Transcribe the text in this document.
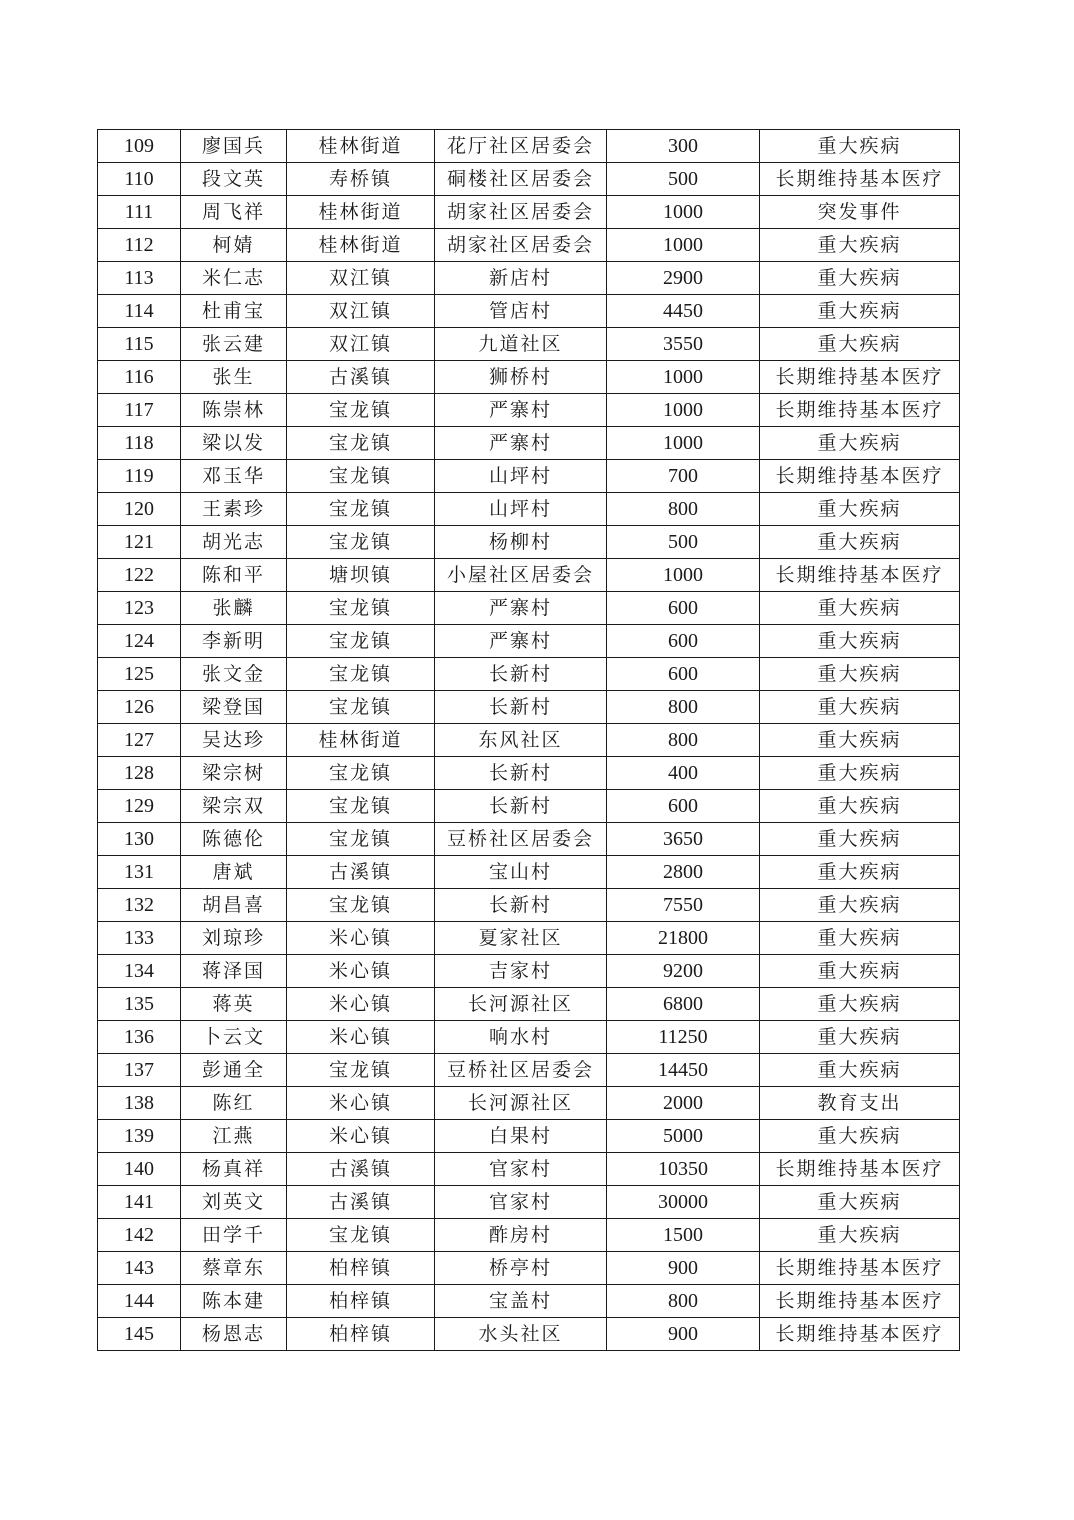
109	廖国兵	桂林街道	花厅社区居委会	300	重大疾病
110	段文英	寿桥镇	硐楼社区居委会	500	长期维持基本医疗
111	周飞祥	桂林街道	胡家社区居委会	1000	突发事件
112	柯婧	桂林街道	胡家社区居委会	1000	重大疾病
113	米仁志	双江镇	新店村	2900	重大疾病
114	杜甫宝	双江镇	管店村	4450	重大疾病
115	张云建	双江镇	九道社区	3550	重大疾病
116	张生	古溪镇	狮桥村	1000	长期维持基本医疗
117	陈崇林	宝龙镇	严寨村	1000	长期维持基本医疗
118	梁以发	宝龙镇	严寨村	1000	重大疾病
119	邓玉华	宝龙镇	山坪村	700	长期维持基本医疗
120	王素珍	宝龙镇	山坪村	800	重大疾病
121	胡光志	宝龙镇	杨柳村	500	重大疾病
122	陈和平	塘坝镇	小屋社区居委会	1000	长期维持基本医疗
123	张麟	宝龙镇	严寨村	600	重大疾病
124	李新明	宝龙镇	严寨村	600	重大疾病
125	张文金	宝龙镇	长新村	600	重大疾病
126	梁登国	宝龙镇	长新村	800	重大疾病
127	吴达珍	桂林街道	东风社区	800	重大疾病
128	梁宗树	宝龙镇	长新村	400	重大疾病
129	梁宗双	宝龙镇	长新村	600	重大疾病
130	陈德伦	宝龙镇	豆桥社区居委会	3650	重大疾病
131	唐斌	古溪镇	宝山村	2800	重大疾病
132	胡昌喜	宝龙镇	长新村	7550	重大疾病
133	刘琼珍	米心镇	夏家社区	21800	重大疾病
134	蒋泽国	米心镇	吉家村	9200	重大疾病
135	蒋英	米心镇	长河源社区	6800	重大疾病
136	卜云文	米心镇	响水村	11250	重大疾病
137	彭通全	宝龙镇	豆桥社区居委会	14450	重大疾病
138	陈红	米心镇	长河源社区	2000	教育支出
139	江燕	米心镇	白果村	5000	重大疾病
140	杨真祥	古溪镇	官家村	10350	长期维持基本医疗
141	刘英文	古溪镇	官家村	30000	重大疾病
142	田学千	宝龙镇	酢房村	1500	重大疾病
143	蔡章东	柏梓镇	桥亭村	900	长期维持基本医疗
144	陈本建	柏梓镇	宝盖村	800	长期维持基本医疗
145	杨恩志	柏梓镇	水头社区	900	长期维持基本医疗
